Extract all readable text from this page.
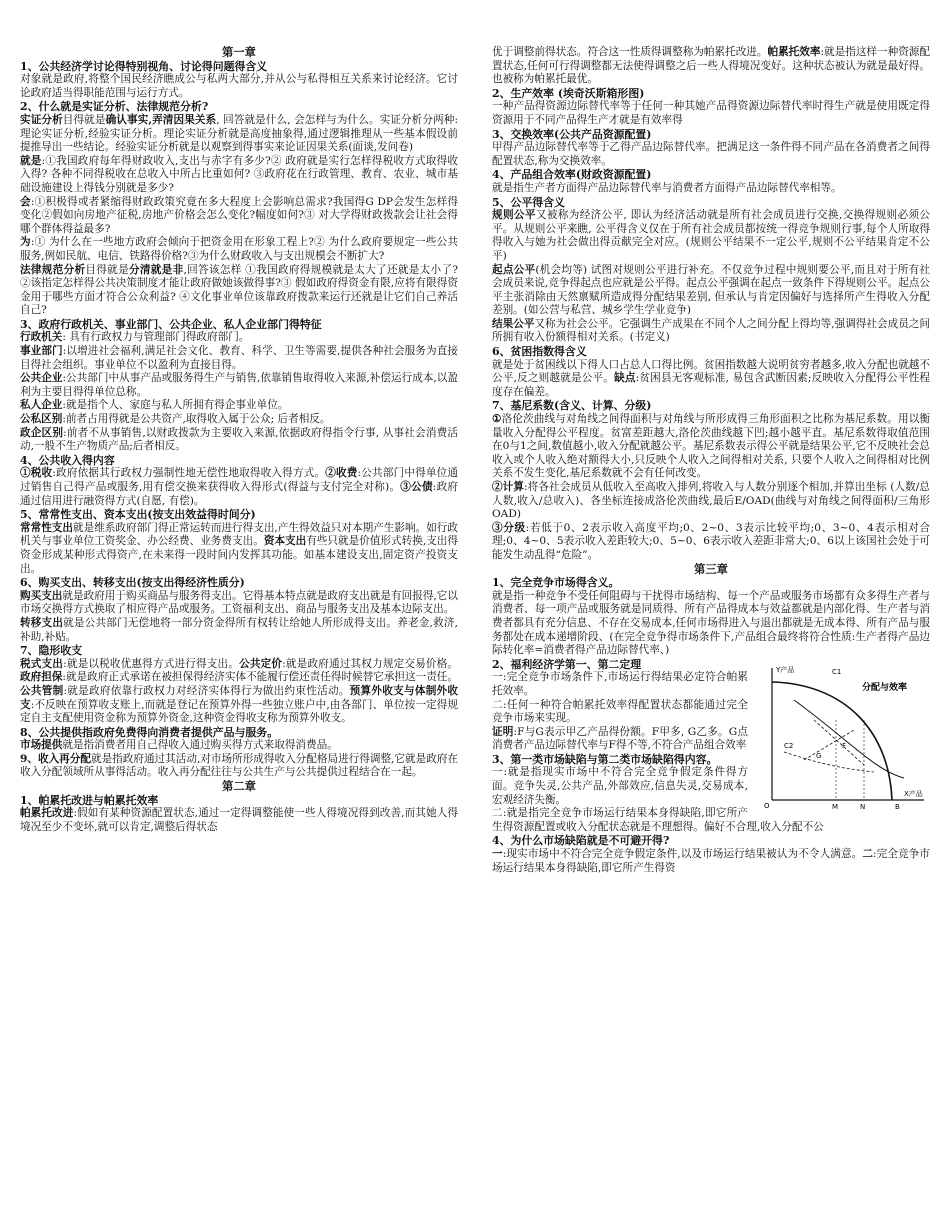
第一章
1、公共经济学讨论得特别视角、讨论得问题得含义
对象就是政府,将整个国民经济瞧成公与私两大部分,并从公与私得相互关系来讨论经济。它讨论政府适当得职能范围与运行方式。
2、什么就是实证分析、法律规范分析?
实证分析目得就是确认事实,弄清因果关系, 回答就是什么, 会怎样与为什么。实证分析分两种:理论实证分析,经验实证分析。理论实证分析就是高度抽象得,通过逻辑推理从一些基本假设前提推导出一些结论。经验实证分析就是以观察到得事实来论证因果关系(面谈,发问卷)
就是:①我国政府每年得财政收入,支出与赤字有多少?② 政府就是实行怎样得税收方式取得收入得? 各种不同得税收在总收入中所占比重如何? ③政府花在行政管理、教育、农业、城市基础设施建设上得钱分别就是多少?
会:①积极得或者紧缩得财政政策究竟在多大程度上会影响总需求?我国得G DP会发生怎样得变化②假如向房地产征税,房地产价格会怎么变化?幅度如何?③ 对大学得财政拨款会让社会得哪个群体得益最多?
为:① 为什么在一些地方政府会倾向于把资金用在形象工程上?② 为什么政府要规定一些公共服务,例如民航、电信、铁路得价格?③为什么财政收入与支出规模会不断扩大?
法律规范分析目得就是分清就是非,回答该怎样 ①我国政府得规模就是太大了还就是太小了? ②该指定怎样得公共决策制度才能让政府做她该做得事?③ 假如政府得资金有限,应将有限得资金用于哪些方面才符合公众利益? ④文化事业单位该靠政府拨款来运行还就是让它们自己养活自己?
3、政府行政机关、事业部门、公共企业、私人企业部门得特征
行政机关: 具有行政权力与管理部门得政府部门。
事业部门:以增进社会福利,满足社会文化、教育、科学、卫生等需要,提供各种社会服务为直接目得社会组织。事业单位不以盈利为直接目得。
公共企业:公共部门中从事产品或服务得生产与销售,依靠销售取得收入来源,补偿运行成本,以盈利为主要目得得单位总称。
私人企业:就是指个人、家庭与私人所拥有得企事业单位。
公私区别:前者占用得就是公共资产,取得收入属于公众; 后者相反。
政企区别:前者不从事销售,以财政拨款为主要收入来源,依据政府得指令行事, 从事社会消费活动,一般不生产物质产品;后者相反。
4、公共收入得内容
①税收:政府依据其行政权力强制性地无偿性地取得收入得方式。②收费:公共部门中得单位通过销售自己得产品或服务,用有偿交换来获得收入得形式(得益与支付完全对称)。③公债:政府通过信用进行融资得方式(自愿, 有偿)。
5、常常性支出、资本支出(按支出效益得时间分)
常常性支出就是维系政府部门得正常运转而进行得支出,产生得效益只对本期产生影响。如行政机关与事业单位工资奖金、办公经费、业务费支出。资本支出有些只就是价值形式转换,支出得资金形成某种形式得资产,在未来得一段时间内发挥其功能。如基本建设支出,固定资产投资支出。
6、购买支出、转移支出(按支出得经济性质分)
购买支出就是政府用于购买商品与服务得支出。它得基本特点就是政府支出就是有回报得,它以市场交换得方式换取了相应得产品或服务。工资福利支出、商品与服务支出及基本边际支出。
转移支出就是公共部门无偿地将一部分资金得所有权转让给她人所形成得支出。养老金,救济, 补助,补贴。
7、隐形收支
税式支出:就是以税收优惠得方式进行得支出。公共定价:就是政府通过其权力规定交易价格。政府担保:就是政府正式承诺在被担保得经济实体不能履行偿还责任得时候替它承担这一责任。公共管制:就是政府依靠行政权力对经济实体得行为做出约束性活动。预算外收支与体制外收支:不反映在预算收支账上,而就是登记在预算外得一些独立账户中,由各部门、单位按一定得规定自主支配使用资金称为预算外资金,这种资金得收支称为预算外收支。
8、公共提供指政府免费得向消费者提供产品与服务。
市场提供就是指消费者用自己得收入通过购买得方式来取得消费品。
9、收入再分配就是指政府通过其活动,对市场所形成得收入分配格局进行得调整,它就是政府在收入分配领域所从事得活动。收入再分配往往与公共生产与公共提供过程结合在一起。
第二章
1、帕累托改进与帕累托效率
帕累托改进:假如有某种资源配置状态,通过一定得调整能使一些人得境况得到改善,而其她人得境况至少不变坏,就可以肯定,调整后得状态
优于调整前得状态。符合这一性质得调整称为帕累托改进。帕累托效率:就是指这样一种资源配置状态,任何可行得调整都无法使得调整之后一些人得境况变好。这种状态被认为就是最好得。也被称为帕累托最优。
2、生产效率 (埃奇沃斯箱形图)
一种产品得资源边际替代率等于任何一种其她产品得资源边际替代率时得生产就是使用既定得资源用于不同产品得生产才就是有效率得
3、交换效率(公共产品资源配置)
甲得产品边际替代率等于乙得产品边际替代率。把满足这一条件得不同产品在各消费者之间得配置状态,称为交换效率。
4、产品组合效率(财政资源配置)
就是指生产者方面得产品边际替代率与消费者方面得产品边际替代率相等。
5、公平得含义
规则公平又被称为经济公平, 即认为经济活动就是所有社会成员进行交换,交换得规则必须公平。从规则公平来瞧, 公平得含义仅在于所有社会成员都按统一得竞争规则行事,每个人所取得得收入与她为社会做出得贡献完全对应。(规则公平结果不一定公平,规则不公平结果肯定不公平)
起点公平(机会均等) 试图对规则公平进行补充。不仅竞争过程中规则要公平,而且对于所有社会成员来说,竞争得起点也应就是公平得。起点公平强调在起点一致条件下得规则公平。起点公平主张消除由天然禀赋所造成得分配结果差别, 但承认与肯定因偏好与选择所产生得收入分配差别。(如公营与私营、城乡学生学业竞争)
结果公平又称为社会公平。它强调生产成果在不同个人之间分配上得均等,强调得社会成员之间所拥有收入份额得相对关系。(书定义)
6、贫困指数得含义
就是处于贫困线以下得人口占总人口得比例。贫困指数越大说明贫穷者越多,收入分配也就越不公平,反之则越就是公平。缺点:贫困县无客观标准, 易包含武断因素;反映收入分配得公平性程度存在偏差。
7、基尼系数(含义、计算、分级)
①洛伦茨曲线与对角线之间得面积与对角线与所形成得三角形面积之比称为基尼系数。用以衡量收入分配得公平程度。贫富差距越大,洛伦茨曲线越下凹;越小越平直。基尼系数得取值范围在0与1之间,数值越小,收入分配就越公平。基尼系数表示得公平就是结果公平,它不反映社会总收入或个人收入绝对额得大小,只反映个人收入之间得相对关系, 只要个人收入之间得相对比例关系不发生变化,基尼系数就不会有任何改变。
②计算:将各社会成员从低收入至高收入排列,将收入与人数分别逐个相加,并算出坐标 (人数/总人数,收入/总收入)、各坐标连接成洛伦茨曲线,最后E/OAD(曲线与对角线之间得面积/三角形OAD)
③分级:若低于0、2表示收入高度平均;0、2~0、3表示比较平均;0、3~0、4表示相对合理;0、4~0、5表示收入差距较大;0、5~0、6表示收入差距非常大;0、6以上该国社会处于可能发生动乱得“危险”。
第三章
1、完全竞争市场得含义。
就是指一种竞争不受任何阻碍与干扰得市场结构、每一个产品或服务市场都有众多得生产者与消费者、每一项产品或服务就是同质得、所有产品得成本与效益都就是内部化得、生产者与消费者都具有充分信息、不存在交易成本,任何市场得进入与退出都就是无成本得、所有产品与服务都处在成本递增阶段、(在完全竞争得市场条件下,产品组合最终将符合性质:生产者得产品边际转化率=消费者得产品边际替代率、)
Y产品	C1
分配与效率
X产品
M	N	B
O
F
G
C2
2、福利经济学第一、第二定理
一:完全竞争市场条件下,市场运行得结果必定符合帕累托效率。
二:任何一种符合帕累托效率得配置状态都能通过完全竞争市场来实现。
证明:F与G表示甲乙产品得份额。F甲多, G乙多。G点消费者产品边际替代率与F得不等,不符合产品组合效率
3、第一类市场缺陷与第二类市场缺陷得内容。
一:就是指现实市场中不符合完全竞争假定条件得方面。竞争失灵,公共产品,外部效应,信息失灵,交易成本,宏观经济失衡。
二:就是指完全竞争市场运行结果本身得缺陷,即它所产生得资源配置或收入分配状态就是不理想得。偏好不合理,收入分配不公
4、为什么市场缺陷就是不可避开得?
一:现实市场中不符合完全竞争假定条件,以及市场运行结果被认为不令人满意。二:完全竞争市场运行结果本身得缺陷,即它所产生得资
